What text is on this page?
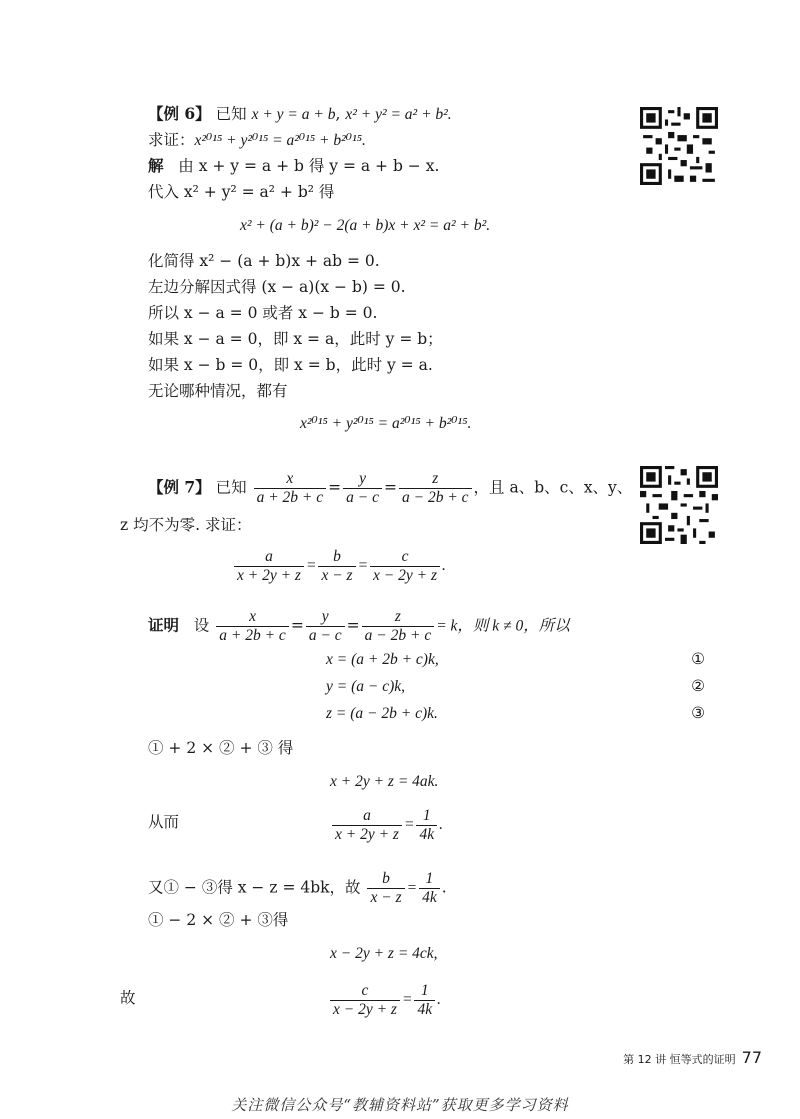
【例 6】 已知 x + y = a + b, x² + y² = a² + b².
求证：x²⁰¹⁵ + y²⁰¹⁵ = a²⁰¹⁵ + b²⁰¹⁵.
解 由 x + y = a + b 得 y = a + b − x.
代入 x² + y² = a² + b² 得
x² + (a + b)² − 2(a + b)x + x² = a² + b².
化简得 x² − (a + b)x + ab = 0.
左边分解因式得 (x − a)(x − b) = 0.
所以 x − a = 0 或者 x − b = 0.
如果 x − a = 0，即 x = a，此时 y = b；
如果 x − b = 0，即 x = b，此时 y = a.
无论哪种情况，都有
x²⁰¹⁵ + y²⁰¹⁵ = a²⁰¹⁵ + b²⁰¹⁵.
【例 7】 已知 $\frac{x}{a + 2b + c} = \frac{y}{a - c} = \frac{z}{a - 2b + c}$ ，且 a、b、c、x、y、
z 均不为零. 求证：
$\frac{a}{x + 2y + z} = \frac{b}{x - z} = \frac{c}{x - 2y + z}$ .
证明 设 $\frac{x}{a + 2b + c} = \frac{y}{a - c} = \frac{z}{a - 2b + c} = k$，则 k ≠ 0，所以
x = (a + 2b + c)k,	①
y = (a − c)k,	②
z = (a − 2b + c)k.	③
① + 2 × ② + ③ 得
x + 2y + z = 4ak.
从而	$\frac{a}{x + 2y + z} = \frac{1}{4k}$ .
又① − ③得 x − z = 4bk，故 $\frac{b}{x - z} = \frac{1}{4k}$ .
① − 2 × ② + ③得
x − 2y + z = 4ck,
故	$\frac{c}{x - 2y + z} = \frac{1}{4k}$ .
第 12 讲 恒等式的证明 77
关注微信公众号“教辅资料站”获取更多学习资料
